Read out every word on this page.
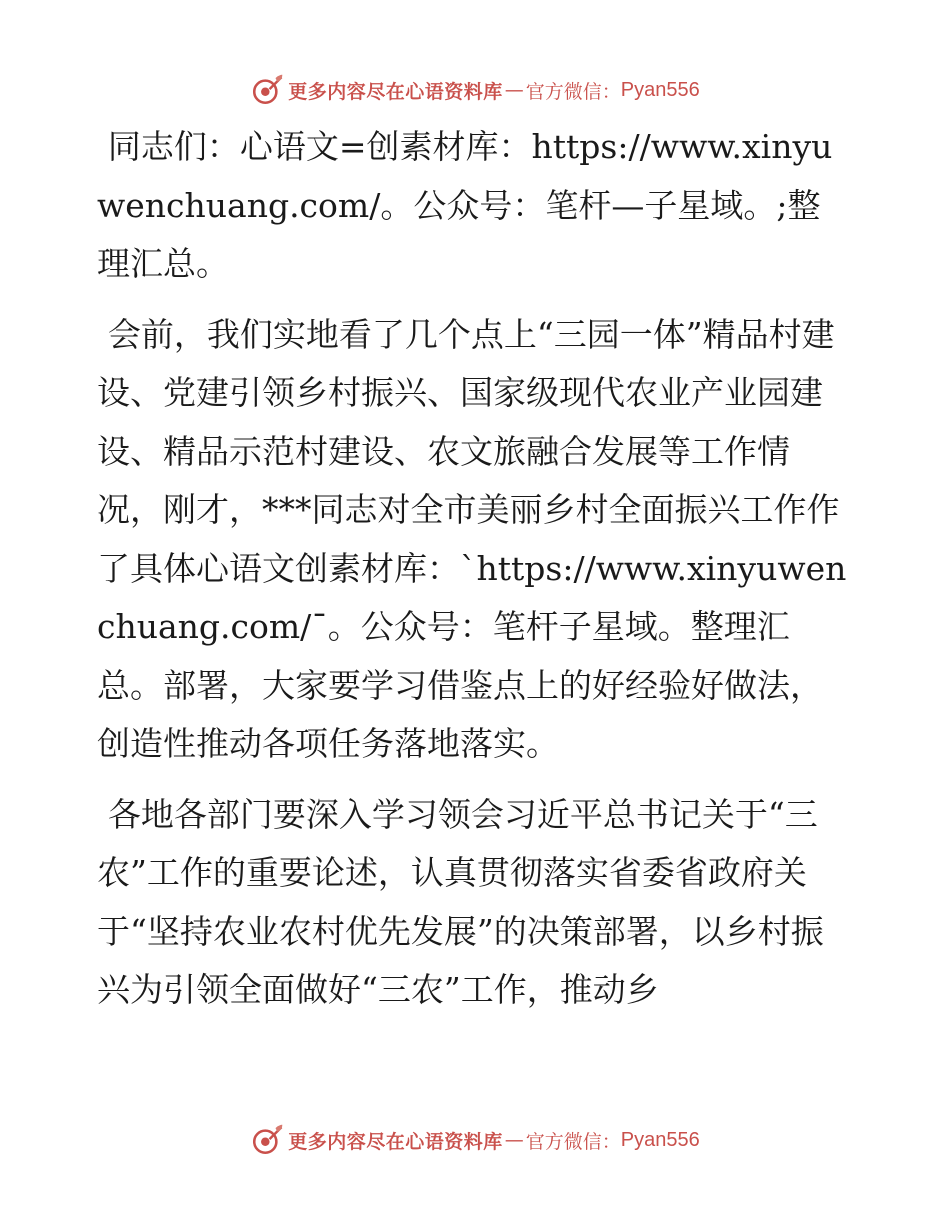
更多内容尽在心语资料库 — 官方微信： Pyan556

同志们：心语文=创素材库：https://www.xinyuwenchuang.com/。公众号：笔杆—子星域。;整理汇总。

会前，我们实地看了几个点上“三园一体”精品村建设、党建引领乡村振兴、国家级现代农业产业园建设、精品示范村建设、农文旅融合发展等工作情况，刚才，***同志对全市美丽乡村全面振兴工作作了具体心语文创素材库：`https://www.xinyuwenchuang.com/¯。公众号：笔杆子星域。整理汇总。部署，大家要学习借鉴点上的好经验好做法，创造性推动各项任务落地落实。

各地各部门要深入学习领会习近平总书记关于“三农”工作的重要论述，认真贯彻落实省委省政府关于“坚持农业农村优先发展”的决策部署，以乡村振兴为引领全面做好“三农”工作，推动乡

更多内容尽在心语资料库 — 官方微信： Pyan556
